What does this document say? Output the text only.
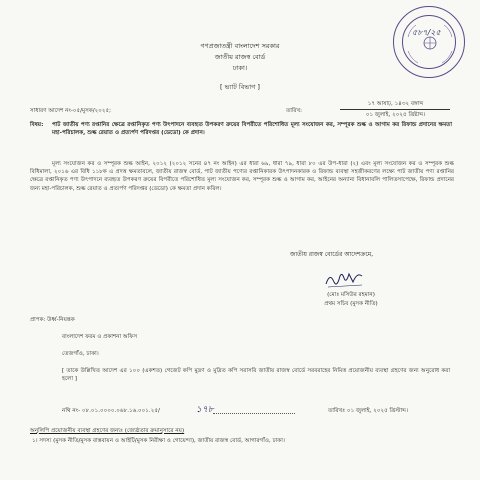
গণপ্রজাতন্ত্রী বাংলাদেশ সরকার
জাতীয় রাজস্ব বোর্ড
ঢাকা।
[ ভ্যাট বিভাগ ]
৫৮৭/২৫
সাধারণ আদেশ নং-০৫/মুসক/২০২৫;	তারিখ:
১৭ আষাঢ়, ১৪৩২ বঙ্গাব্দ
০১ জুলাই, ২০২৫ খ্রিষ্টাব্দ।
বিষয়: পাট জাতীয় পণ্য রপ্তানির ক্ষেত্রে রপ্তানিকৃত পণ্য উৎপাদনে ব্যবহৃত উপকরণ ক্রয়ের বিপরীতে পরিশোধিত মূল্য সংযোজন কর, সম্পূরক শুল্ক ও আগাম কর রিফান্ড প্রদানের ক্ষমতা মহা-পরিচালক, শুল্ক রেয়াত ও প্রত্যর্পণ পরিদপ্তর (ডেডো) কে প্রদান।
মূল্য সংযোজন কর ও সম্পূরক শুল্ক আইন, ২০১২ (২০১২ সনের ৪৭ নং আইন) এর ধারা ৬৯, ধারা ৭৯, ধারা ৮০ এর উপ-ধারা (২) এবং মূল্য সংযোজন কর ও সম্পূরক শুল্ক বিধিমালা, ২০১৬ এর বিধি ১১৮ক এ প্রদত্ত ক্ষমতাবলে, জাতীয় রাজস্ব বোর্ড, পাট জাতীয় পণ্যের রপ্তানিকারক উৎপাদনকারক ও রিফান্ড ব্যবস্থা সহজীকরণের লক্ষ্যে পাট জাতীয় পণ্য রপ্তানির ক্ষেত্রে রপ্তানিকৃত পণ্য উৎপাদনে ব্যবহৃত উপকরণ ক্রয়ের বিপরীতে পরিশোধিত মূল্য সংযোজন কর, সম্পূরক শুল্ক ও আগাম কর, আইনের অন্যান্য বিধানাবলি পালিতসাপেক্ষে, রিফান্ড প্রদানের জন্য মহা-পরিচালক, শুল্ক রেয়াত ও প্রত্যর্পণ পরিদপ্তর (ডেডো) কে ক্ষমতা প্রদান করিল।
জাতীয় রাজস্ব বোর্ডের আদেশক্রমে,
(মোঃ মসিউর রহমান)
প্রথম সচিব (মুসক নীতি)
প্রাপক: উর্ধ্ব-নিয়ন্ত্রক
বাংলাদেশ ফরম ও প্রকাশনা অফিস
তেজগাঁও, ঢাকা।
[ তাকে উল্লিখিত আদেশ এর ১০০ (একশত) গেজেট কপি মুদ্রণ ও মুদ্রিত কপি সরাসরি জাতীয় রাজস্ব বোর্ডে সরবরাহের নিমিত্ত প্রয়োজনীয় ব্যবস্থা গ্রহণের জন্য অনুরোধ করা হলো ]
নথি নং- ০৮.০১.০০০০.০৬৮.১৬.০০১.২৫/	১৭৮	তারিখঃ ০১ জুলাই, ২০২৫ খ্রিস্টাব্দ।
অনুলিপি প্রয়োজনীয় ব্যবস্থা গ্রহণের জন্যঃ (জ্যেষ্ঠতার ক্রমানুসারে নয়)
১। সদস্য (মুসক নীতি/মুসক বাস্তবায়ন ও আইটি/মুসক নিরীক্ষা ও গোয়েন্দা), জাতীয় রাজস্ব বোর্ড, আগারগাঁও, ঢাকা।
